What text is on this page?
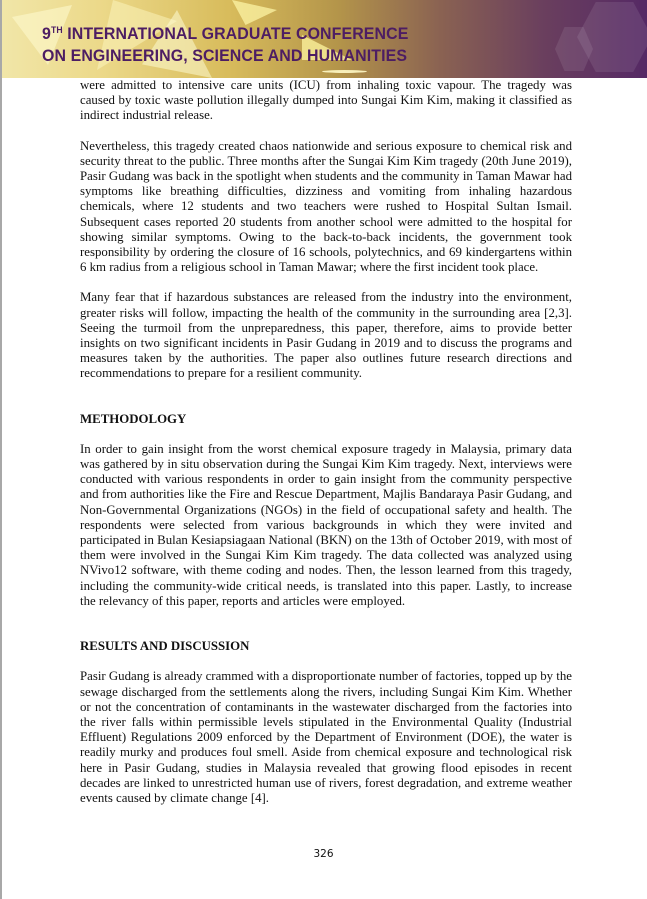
9TH INTERNATIONAL GRADUATE CONFERENCE
ON ENGINEERING, SCIENCE AND HUMANITIES

were admitted to intensive care units (ICU) from inhaling toxic vapour. The tragedy was caused by toxic waste pollution illegally dumped into Sungai Kim Kim, making it classified as indirect industrial release.

Nevertheless, this tragedy created chaos nationwide and serious exposure to chemical risk and security threat to the public. Three months after the Sungai Kim Kim tragedy (20th June 2019), Pasir Gudang was back in the spotlight when students and the community in Taman Mawar had symptoms like breathing difficulties, dizziness and vomiting from inhaling hazardous chemicals, where 12 students and two teachers were rushed to Hospital Sultan Ismail. Subsequent cases reported 20 students from another school were admitted to the hospital for showing similar symptoms. Owing to the back-to-back incidents, the government took responsibility by ordering the closure of 16 schools, polytechnics, and 69 kindergartens within 6 km radius from a religious school in Taman Mawar; where the first incident took place.

Many fear that if hazardous substances are released from the industry into the environment, greater risks will follow, impacting the health of the community in the surrounding area [2,3]. Seeing the turmoil from the unpreparedness, this paper, therefore, aims to provide better insights on two significant incidents in Pasir Gudang in 2019 and to discuss the programs and measures taken by the authorities. The paper also outlines future research directions and recommendations to prepare for a resilient community.

METHODOLOGY

In order to gain insight from the worst chemical exposure tragedy in Malaysia, primary data was gathered by in situ observation during the Sungai Kim Kim tragedy. Next, interviews were conducted with various respondents in order to gain insight from the community perspective and from authorities like the Fire and Rescue Department, Majlis Bandaraya Pasir Gudang, and Non-Governmental Organizations (NGOs) in the field of occupational safety and health. The respondents were selected from various backgrounds in which they were invited and participated in Bulan Kesiapsiagaan National (BKN) on the 13th of October 2019, with most of them were involved in the Sungai Kim Kim tragedy. The data collected was analyzed using NVivo12 software, with theme coding and nodes. Then, the lesson learned from this tragedy, including the community-wide critical needs, is translated into this paper. Lastly, to increase the relevancy of this paper, reports and articles were employed.

RESULTS AND DISCUSSION

Pasir Gudang is already crammed with a disproportionate number of factories, topped up by the sewage discharged from the settlements along the rivers, including Sungai Kim Kim. Whether or not the concentration of contaminants in the wastewater discharged from the factories into the river falls within permissible levels stipulated in the Environmental Quality (Industrial Effluent) Regulations 2009 enforced by the Department of Environment (DOE), the water is readily murky and produces foul smell. Aside from chemical exposure and technological risk here in Pasir Gudang, studies in Malaysia revealed that growing flood episodes in recent decades are linked to unrestricted human use of rivers, forest degradation, and extreme weather events caused by climate change [4].

326
